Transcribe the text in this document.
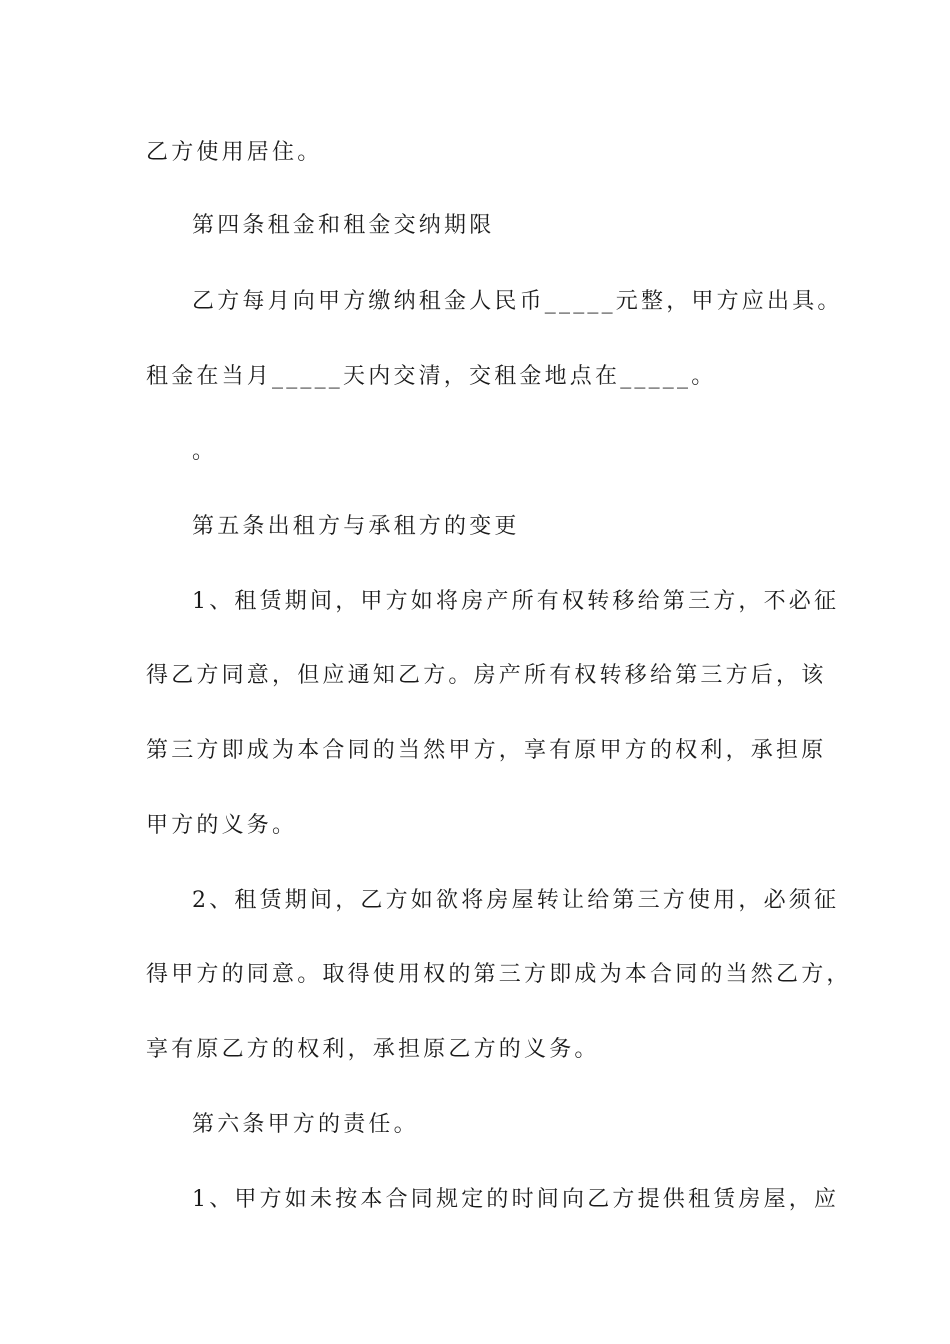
乙方使用居住。
第四条租金和租金交纳期限
乙方每月向甲方缴纳租金人民币_____元整，甲方应出具。
租金在当月_____天内交清，交租金地点在_____。
。
第五条出租方与承租方的变更
1、租赁期间，甲方如将房产所有权转移给第三方，不必征
得乙方同意，但应通知乙方。房产所有权转移给第三方后，该
第三方即成为本合同的当然甲方，享有原甲方的权利，承担原
甲方的义务。
2、租赁期间，乙方如欲将房屋转让给第三方使用，必须征
得甲方的同意。取得使用权的第三方即成为本合同的当然乙方，
享有原乙方的权利，承担原乙方的义务。
第六条甲方的责任。
1、甲方如未按本合同规定的时间向乙方提供租赁房屋，应
